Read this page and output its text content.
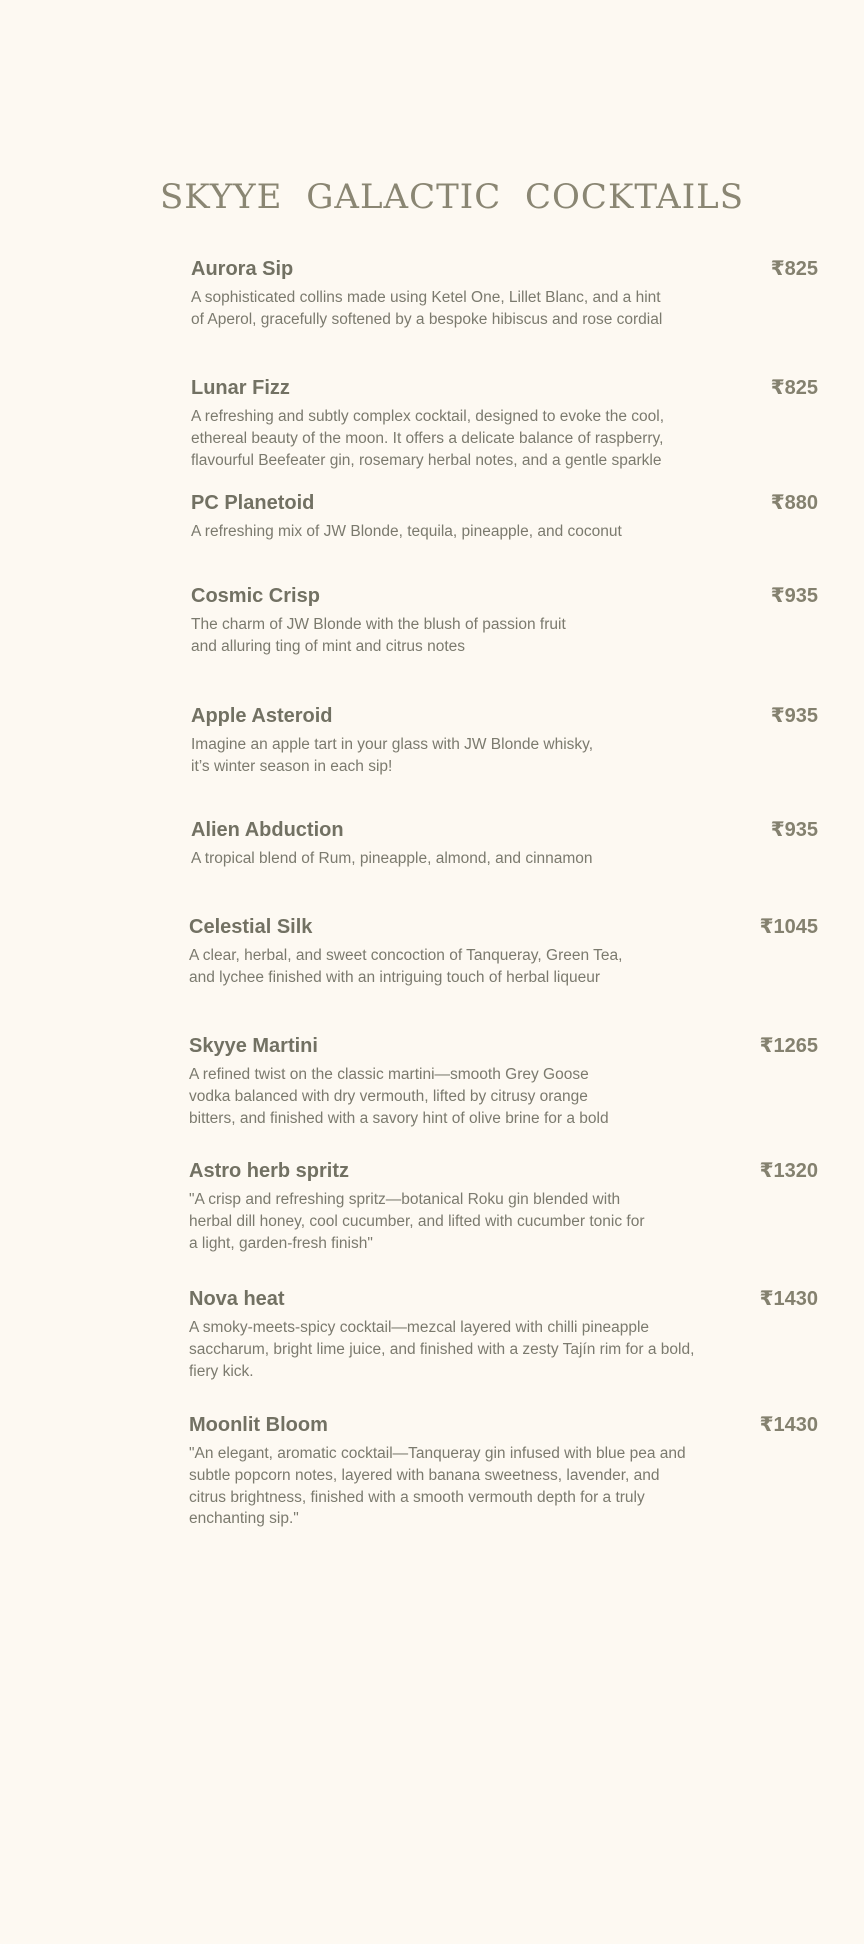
SKYYE GALACTIC COCKTAILS
Aurora Sip	₹825
A sophisticated collins made using Ketel One, Lillet Blanc, and a hint
of Aperol, gracefully softened by a bespoke hibiscus and rose cordial
Lunar Fizz	₹825
A refreshing and subtly complex cocktail, designed to evoke the cool,
ethereal beauty of the moon. It offers a delicate balance of raspberry,
flavourful Beefeater gin, rosemary herbal notes, and a gentle sparkle
PC Planetoid	₹880
A refreshing mix of JW Blonde, tequila, pineapple, and coconut
Cosmic Crisp	₹935
The charm of JW Blonde with the blush of passion fruit
and alluring ting of mint and citrus notes
Apple Asteroid	₹935
Imagine an apple tart in your glass with JW Blonde whisky,
it’s winter season in each sip!
Alien Abduction	₹935
A tropical blend of Rum, pineapple, almond, and cinnamon
Celestial Silk	₹1045
A clear, herbal, and sweet concoction of Tanqueray, Green Tea,
and lychee finished with an intriguing touch of herbal liqueur
Skyye Martini	₹1265
A refined twist on the classic martini—smooth Grey Goose
vodka balanced with dry vermouth, lifted by citrusy orange
bitters, and finished with a savory hint of olive brine for a bold
Astro herb spritz	₹1320
"A crisp and refreshing spritz—botanical Roku gin blended with
herbal dill honey, cool cucumber, and lifted with cucumber tonic for
a light, garden-fresh finish"
Nova heat	₹1430
A smoky-meets-spicy cocktail—mezcal layered with chilli pineapple
saccharum, bright lime juice, and finished with a zesty Tajín rim for a bold,
fiery kick.
Moonlit Bloom	₹1430
"An elegant, aromatic cocktail—Tanqueray gin infused with blue pea and
subtle popcorn notes, layered with banana sweetness, lavender, and
citrus brightness, finished with a smooth vermouth depth for a truly
enchanting sip."
